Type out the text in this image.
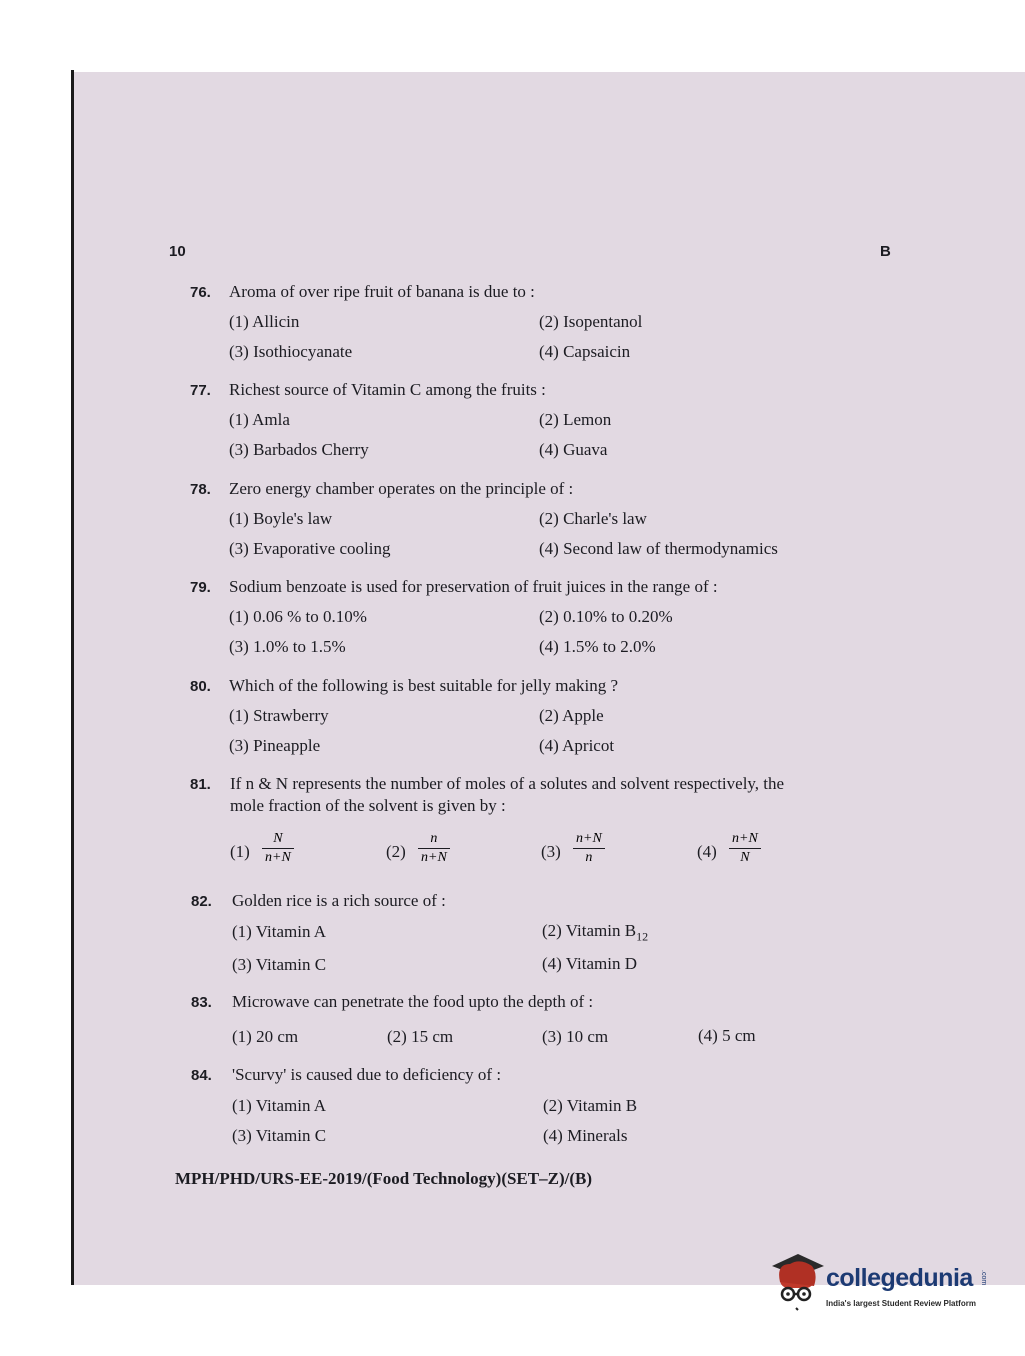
10	B
76. Aroma of over ripe fruit of banana is due to :
(1) Allicin	(2) Isopentanol
(3) Isothiocyanate	(4) Capsaicin
77. Richest source of Vitamin C among the fruits :
(1) Amla	(2) Lemon
(3) Barbados Cherry	(4) Guava
78. Zero energy chamber operates on the principle of :
(1) Boyle's law	(2) Charle's law
(3) Evaporative cooling	(4) Second law of thermodynamics
79. Sodium benzoate is used for preservation of fruit juices in the range of :
(1) 0.06 % to 0.10%	(2) 0.10% to 0.20%
(3) 1.0% to 1.5%	(4) 1.5% to 2.0%
80. Which of the following is best suitable for jelly making ?
(1) Strawberry	(2) Apple
(3) Pineapple	(4) Apricot
81. If n & N represents the number of moles of a solutes and solvent respectively, the
mole fraction of the solvent is given by :
$(1) \frac{N}{n+N}$	$(2) \frac{n}{n+N}$	$(3) \frac{n+N}{n}$	$(4) \frac{n+N}{N}$
82. Golden rice is a rich source of :
(1) Vitamin A	(2) Vitamin $B_{12}$
(3) Vitamin C	(4) Vitamin D
83. Microwave can penetrate the food upto the depth of :
(1) 20 cm	(2) 15 cm	(3) 10 cm	(4) 5 cm
84. 'Scurvy' is caused due to deficiency of :
(1) Vitamin A	(2) Vitamin B
(3) Vitamin C	(4) Minerals
MPH/PHD/URS-EE-2019/(Food Technology)(SET–Z)/(B)
collegedunia .com
India's largest Student Review Platform
